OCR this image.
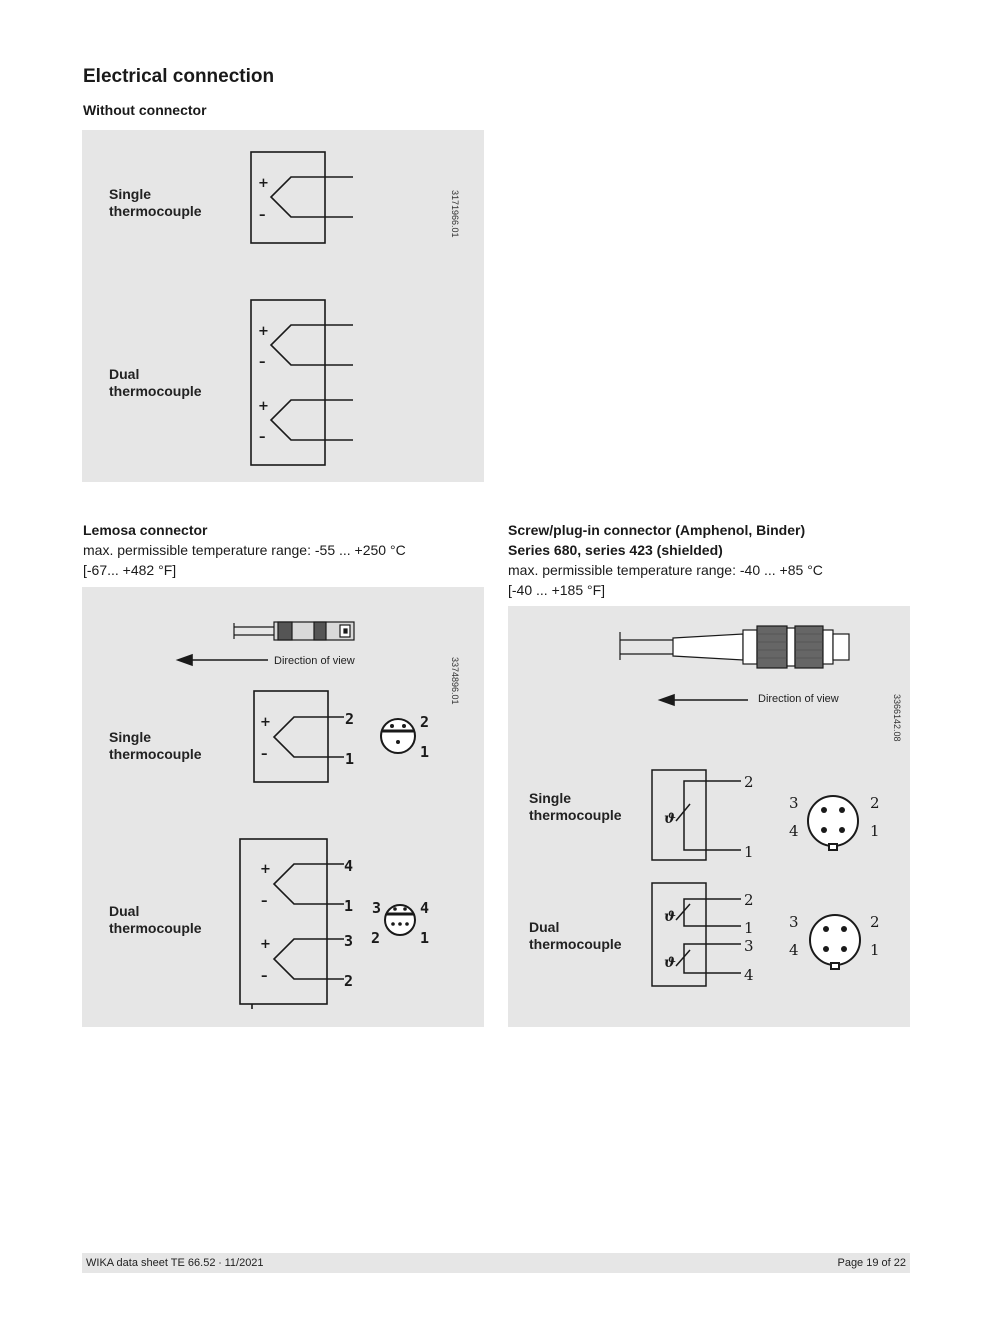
Electrical connection
Without connector
Single
thermocouple
Dual
thermocouple
3171966.01
+
–
+
–
+
–
Lemosa connector
max. permissible temperature range: -55 ... +250 °C
[-67... +482 °F]
Direction of view	3374896.01
Single
thermocouple
Dual
thermocouple
+
–
+
–
+
–
2
1
4
1
3
2
2
1
3	4
2	1
Screw/plug-in connector (Amphenol, Binder)
Series 680, series 423 (shielded)
max. permissible temperature range: -40 ... +85 °C
[-40 ... +185 °F]
Direction of view	3366142.08
Single
thermocouple
Dual
thermocouple
ϑ
ϑ
ϑ
2
1
2
1
3
4
3	2
4	1
3	2
4	1
WIKA data sheet TE 66.52 ∙ 11/2021	Page 19 of 22
